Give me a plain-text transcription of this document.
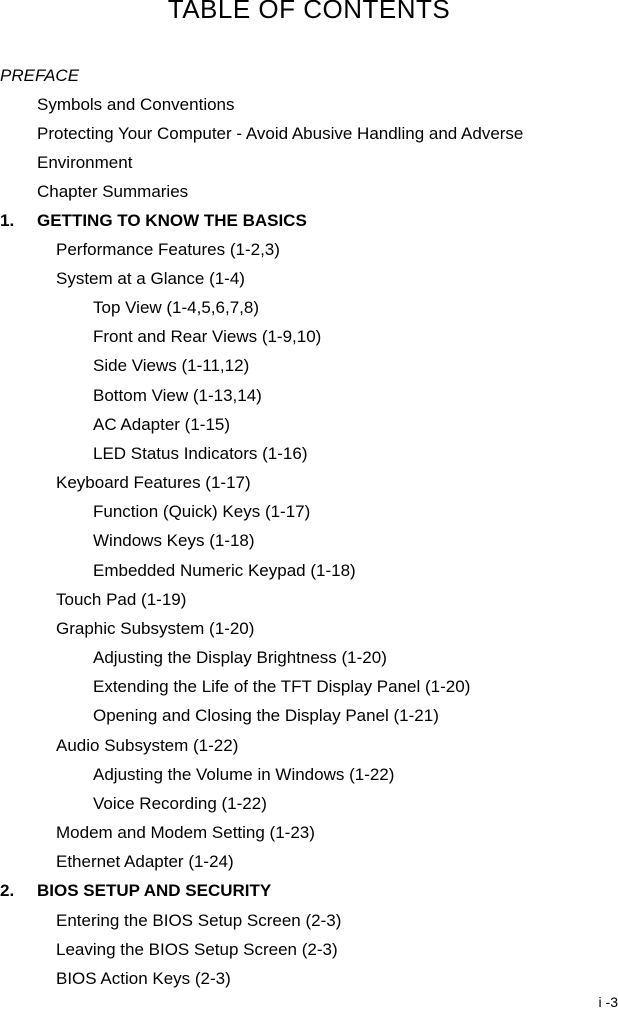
TABLE OF CONTENTS
PREFACE
Symbols and Conventions
Protecting Your Computer - Avoid Abusive Handling and Adverse
Environment
Chapter Summaries
1. GETTING TO KNOW THE BASICS
Performance Features (1-2,3)
System at a Glance (1-4)
Top View (1-4,5,6,7,8)
Front and Rear Views (1-9,10)
Side Views (1-11,12)
Bottom View (1-13,14)
AC Adapter (1-15)
LED Status Indicators (1-16)
Keyboard Features (1-17)
Function (Quick) Keys (1-17)
Windows Keys (1-18)
Embedded Numeric Keypad (1-18)
Touch Pad (1-19)
Graphic Subsystem (1-20)
Adjusting the Display Brightness (1-20)
Extending the Life of the TFT Display Panel (1-20)
Opening and Closing the Display Panel (1-21)
Audio Subsystem (1-22)
Adjusting the Volume in Windows (1-22)
Voice Recording (1-22)
Modem and Modem Setting (1-23)
Ethernet Adapter (1-24)
2. BIOS SETUP AND SECURITY
Entering the BIOS Setup Screen (2-3)
Leaving the BIOS Setup Screen (2-3)
BIOS Action Keys (2-3)
i -3
